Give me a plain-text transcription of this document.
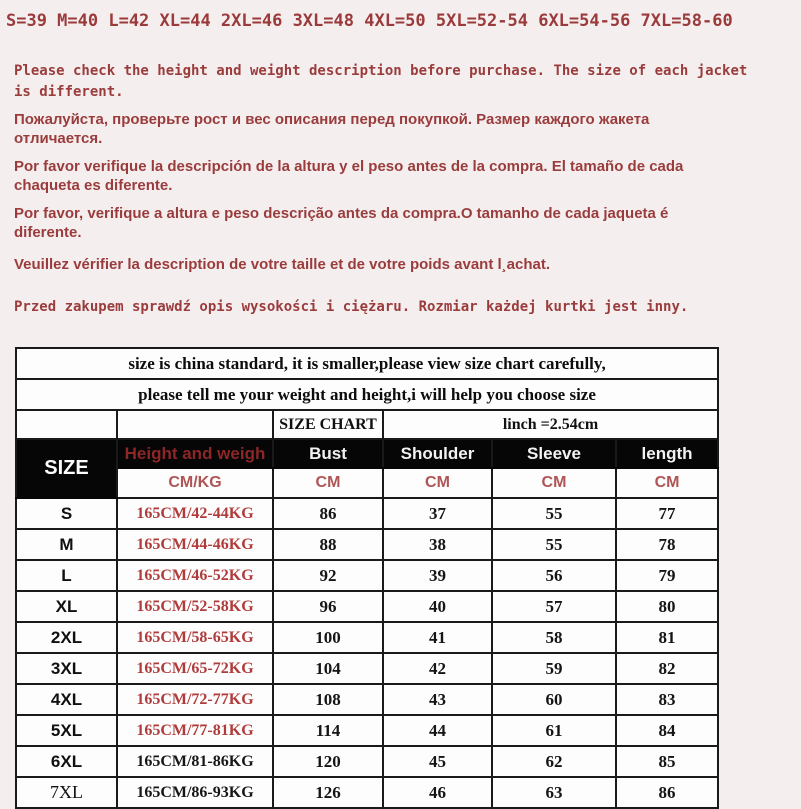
S=39 M=40 L=42 XL=44 2XL=46 3XL=48 4XL=50 5XL=52-54 6XL=54-56 7XL=58-60

Please check the height and weight description before purchase. The size of each jacket is different.

Пожалуйста, проверьте рост и вес описания перед покупкой. Размер каждого жакета отличается.

Por favor verifique la descripción de la altura y el peso antes de la compra. El tamaño de cada chaqueta es diferente.

Por favor, verifique a altura e peso descrição antes da compra.O tamanho de cada jaqueta é diferente.

Veuillez vérifier la description de votre taille et de votre poids avant l¸achat.

Przed zakupem sprawdź opis wysokości i ciężaru. Rozmiar każdej kurtki jest inny.

size is china standard, it is smaller,please view size chart carefully,					
please tell me your weight and height,i will help you choose size					
		SIZE CHART	linch =2.54cm		
SIZE	Height and weigh	Bust	Shoulder	Sleeve	length
	CM/KG	CM	CM	CM	CM
S	165CM/42-44KG	86	37	55	77
M	165CM/44-46KG	88	38	55	78
L	165CM/46-52KG	92	39	56	79
XL	165CM/52-58KG	96	40	57	80
2XL	165CM/58-65KG	100	41	58	81
3XL	165CM/65-72KG	104	42	59	82
4XL	165CM/72-77KG	108	43	60	83
5XL	165CM/77-81KG	114	44	61	84
6XL	165CM/81-86KG	120	45	62	85
7XL	165CM/86-93KG	126	46	63	86
